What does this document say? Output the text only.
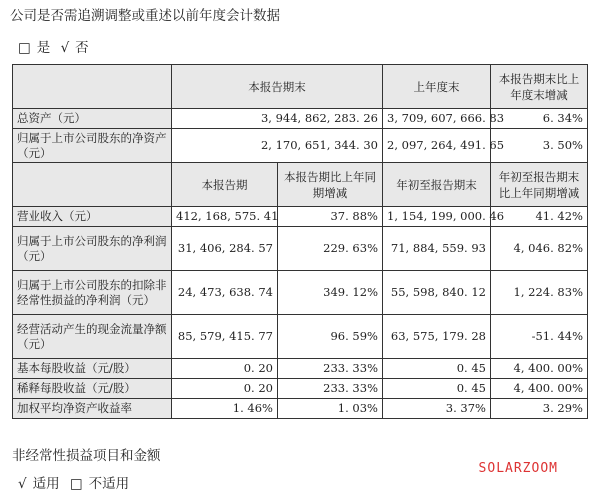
公司是否需追溯调整或重述以前年度会计数据
□ 是 √ 否
	本报告期末		上年度末	本报告期末比上年度末增减
总资产（元）	3, 944, 862, 283. 26		3, 709, 607, 666. 83	6. 34%
归属于上市公司股东的净资产（元）	2, 170, 651, 344. 30		2, 097, 264, 491. 65	3. 50%
	本报告期	本报告期比上年同期增减	年初至报告期末	年初至报告期末比上年同期增减
营业收入（元）	412, 168, 575. 41	37. 88%	1, 154, 199, 000. 46	41. 42%
归属于上市公司股东的净利润（元）	31, 406, 284. 57	229. 63%	71, 884, 559. 93	4, 046. 82%
归属于上市公司股东的扣除非经常性损益的净利润（元）	24, 473, 638. 74	349. 12%	55, 598, 840. 12	1, 224. 83%
经营活动产生的现金流量净额（元）	85, 579, 415. 77	96. 59%	63, 575, 179. 28	-51. 44%
基本每股收益（元/股）	0. 20	233. 33%	0. 45	4, 400. 00%
稀释每股收益（元/股）	0. 20	233. 33%	0. 45	4, 400. 00%
加权平均净资产收益率	1. 46%	1. 03%	3. 37%	3. 29%
非经常性损益项目和金额
√ 适用 □ 不适用
SOLARZOOM
